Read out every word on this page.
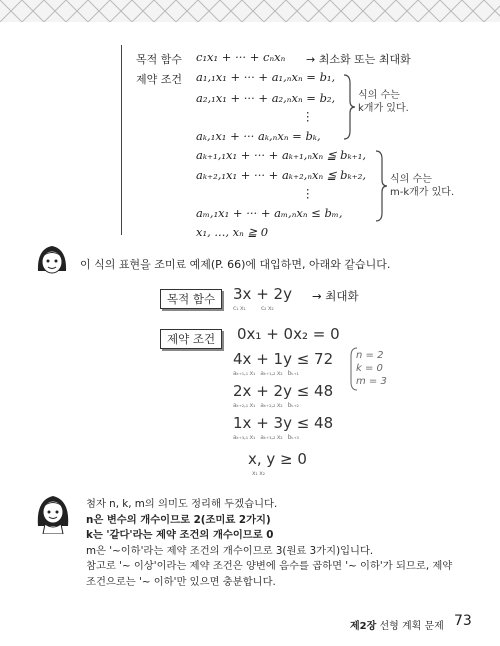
목적 함수 c₁x₁ + ··· + cₙxₙ → 최소화 또는 최대화
제약 조건 a₁,₁x₁ + ··· + a₁,ₙxₙ = b₁,
a₂,₁x₁ + ··· + a₂,ₙxₙ = b₂,
⋮
aₖ,₁x₁ + ··· aₖ,ₙxₙ = bₖ,
식의 수는
k개가 있다.
aₖ₊₁,₁x₁ + ··· + aₖ₊₁,ₙxₙ ≦ bₖ₊₁,
aₖ₊₂,₁x₁ + ··· + aₖ₊₂,ₙxₙ ≦ bₖ₊₂,
⋮
aₘ,₁x₁ + ··· + aₘ,ₙxₙ ≤ bₘ,
식의 수는
m-k개가 있다.
x₁, ..., xₙ ≧ 0
이 식의 표현을 조미료 예제(P. 66)에 대입하면, 아래와 같습니다.
목적 함수	3x + 2y
c₁ x₁	c₂ x₂
→ 최대화
제약 조건	0x₁ + 0x₂ = 0
4x + 1y ≤ 72
aₖ₊₁,₁ x₁   aₖ₊₁,₂ x₂   bₖ₊₁
2x + 2y ≤ 48
aₖ₊₂,₁ x₁   aₖ₊₂,₂ x₂   bₖ₊₂
1x + 3y ≤ 48
aₖ₊₃,₁ x₁   aₖ₊₃,₂ x₂   bₖ₊₃
x, y ≥ 0
x₁ x₂
n = 2
k = 0
m = 3
첨자 n, k, m의 의미도 정리해 두겠습니다.
n은 변수의 개수이므로 2(조미료 2가지)
k는 '같다'라는 제약 조건의 개수이므로 0
m은 '~이하'라는 제약 조건의 개수이므로 3(원료 3가지)입니다.
참고로 '~ 이상'이라는 제약 조건은 양변에 음수를 곱하면 '~ 이하'가 되므로, 제약
조건으로는 '~ 이하'만 있으면 충분합니다.
제2장 선형 계획 문제 73
